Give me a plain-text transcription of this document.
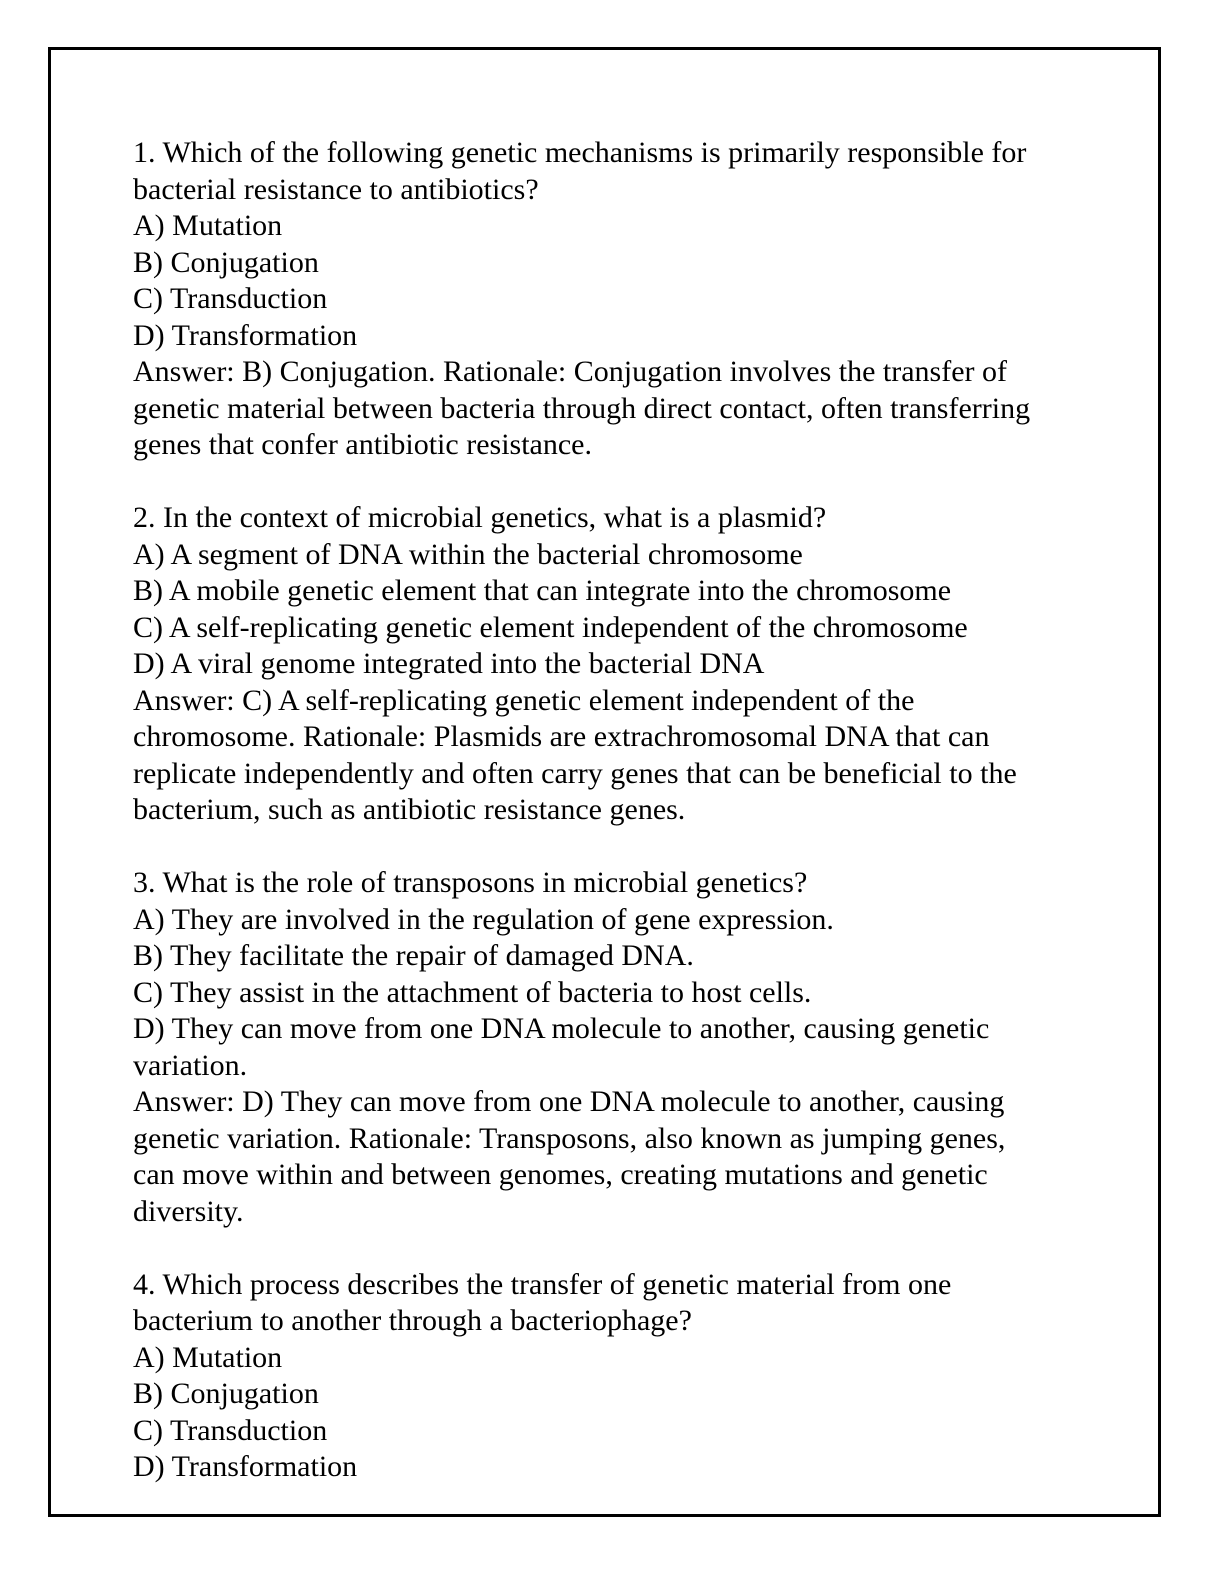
1. Which of the following genetic mechanisms is primarily responsible for
bacterial resistance to antibiotics?
A) Mutation
B) Conjugation
C) Transduction
D) Transformation
Answer: B) Conjugation. Rationale: Conjugation involves the transfer of
genetic material between bacteria through direct contact, often transferring
genes that confer antibiotic resistance.
2. In the context of microbial genetics, what is a plasmid?
A) A segment of DNA within the bacterial chromosome
B) A mobile genetic element that can integrate into the chromosome
C) A self-replicating genetic element independent of the chromosome
D) A viral genome integrated into the bacterial DNA
Answer: C) A self-replicating genetic element independent of the
chromosome. Rationale: Plasmids are extrachromosomal DNA that can
replicate independently and often carry genes that can be beneficial to the
bacterium, such as antibiotic resistance genes.
3. What is the role of transposons in microbial genetics?
A) They are involved in the regulation of gene expression.
B) They facilitate the repair of damaged DNA.
C) They assist in the attachment of bacteria to host cells.
D) They can move from one DNA molecule to another, causing genetic
variation.
Answer: D) They can move from one DNA molecule to another, causing
genetic variation. Rationale: Transposons, also known as jumping genes,
can move within and between genomes, creating mutations and genetic
diversity.
4. Which process describes the transfer of genetic material from one
bacterium to another through a bacteriophage?
A) Mutation
B) Conjugation
C) Transduction
D) Transformation
